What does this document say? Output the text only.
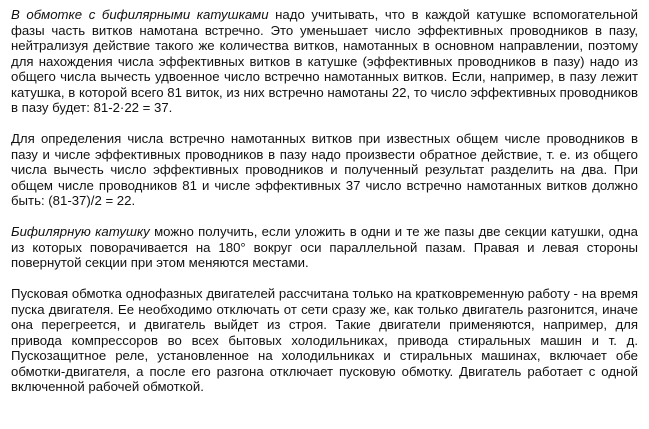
В обмотке с бифилярными катушками надо учитывать, что в каждой катушке вспомогательной фазы часть витков намотана встречно. Это уменьшает число эффективных проводников в пазу, нейтрализуя действие такого же количества витков, намотанных в основном направлении, поэтому для нахождения числа эффективных витков в катушке (эффективных проводников в пазу) надо из общего числа вычесть удвоенное число встречно намотанных витков. Если, например, в пазу лежит катушка, в которой всего 81 виток, из них встречно намотаны 22, то число эффективных проводников в пазу будет: 81-2·22 = 37.

Для определения числа встречно намотанных витков при известных общем числе проводников в пазу и числе эффективных проводников в пазу надо произвести обратное действие, т. е. из общего числа вычесть число эффективных проводников и полученный результат разделить на два. При общем числе проводников 81 и числе эффективных 37 число встречно намотанных витков должно быть: (81-37)/2 = 22.

Бифилярную катушку можно получить, если уложить в одни и те же пазы две секции катушки, одна из которых поворачивается на 180° вокруг оси параллельной пазам. Правая и левая стороны повернутой секции при этом меняются местами.

Пусковая обмотка однофазных двигателей рассчитана только на кратковременную работу - на время пуска двигателя. Ее необходимо отключать от сети сразу же, как только двигатель разгонится, иначе она перегреется, и двигатель выйдет из строя. Такие двигатели применяются, например, для привода компрессоров во всех бытовых холодильниках, привода стиральных машин и т. д. Пускозащитное реле, установленное на холодильниках и стиральных машинах, включает обе обмотки-двигателя, а после его разгона отключает пусковую обмотку. Двигатель работает с одной включенной рабочей обмоткой.
